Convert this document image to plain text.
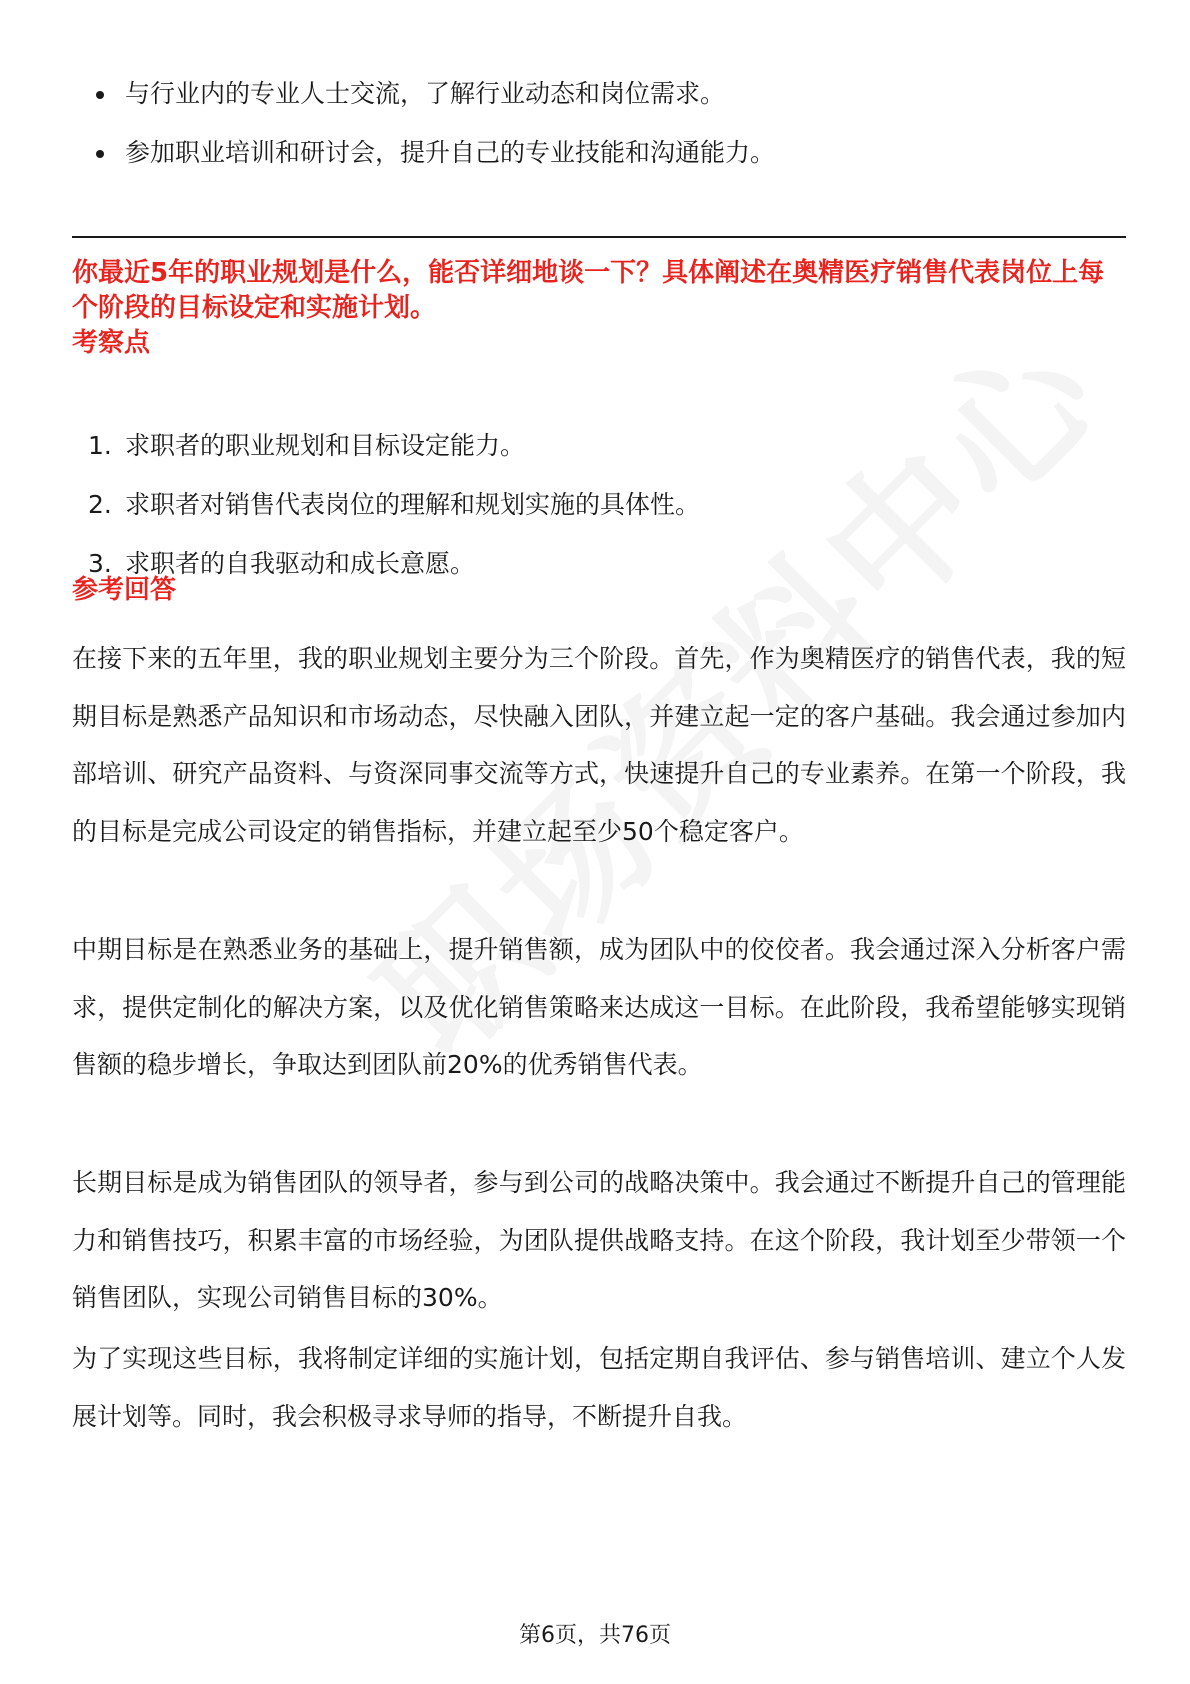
与行业内的专业人士交流，了解行业动态和岗位需求。
参加职业培训和研讨会，提升自己的专业技能和沟通能力。

你最近5年的职业规划是什么，能否详细地谈一下？具体阐述在奥精医疗销售代表岗位上每个阶段的目标设定和实施计划。

考察点

1. 求职者的职业规划和目标设定能力。
2. 求职者对销售代表岗位的理解和规划实施的具体性。
3. 求职者的自我驱动和成长意愿。

参考回答

在接下来的五年里，我的职业规划主要分为三个阶段。首先，作为奥精医疗的销售代表，我的短期目标是熟悉产品知识和市场动态，尽快融入团队，并建立起一定的客户基础。我会通过参加内部培训、研究产品资料、与资深同事交流等方式，快速提升自己的专业素养。在第一个阶段，我的目标是完成公司设定的销售指标，并建立起至少50个稳定客户。

中期目标是在熟悉业务的基础上，提升销售额，成为团队中的佼佼者。我会通过深入分析客户需求，提供定制化的解决方案，以及优化销售策略来达成这一目标。在此阶段，我希望能够实现销售额的稳步增长，争取达到团队前20%的优秀销售代表。

长期目标是成为销售团队的领导者，参与到公司的战略决策中。我会通过不断提升自己的管理能力和销售技巧，积累丰富的市场经验，为团队提供战略支持。在这个阶段，我计划至少带领一个销售团队，实现公司销售目标的30%。

为了实现这些目标，我将制定详细的实施计划，包括定期自我评估、参与销售培训、建立个人发展计划等。同时，我会积极寻求导师的指导，不断提升自我。

第6页，共76页
